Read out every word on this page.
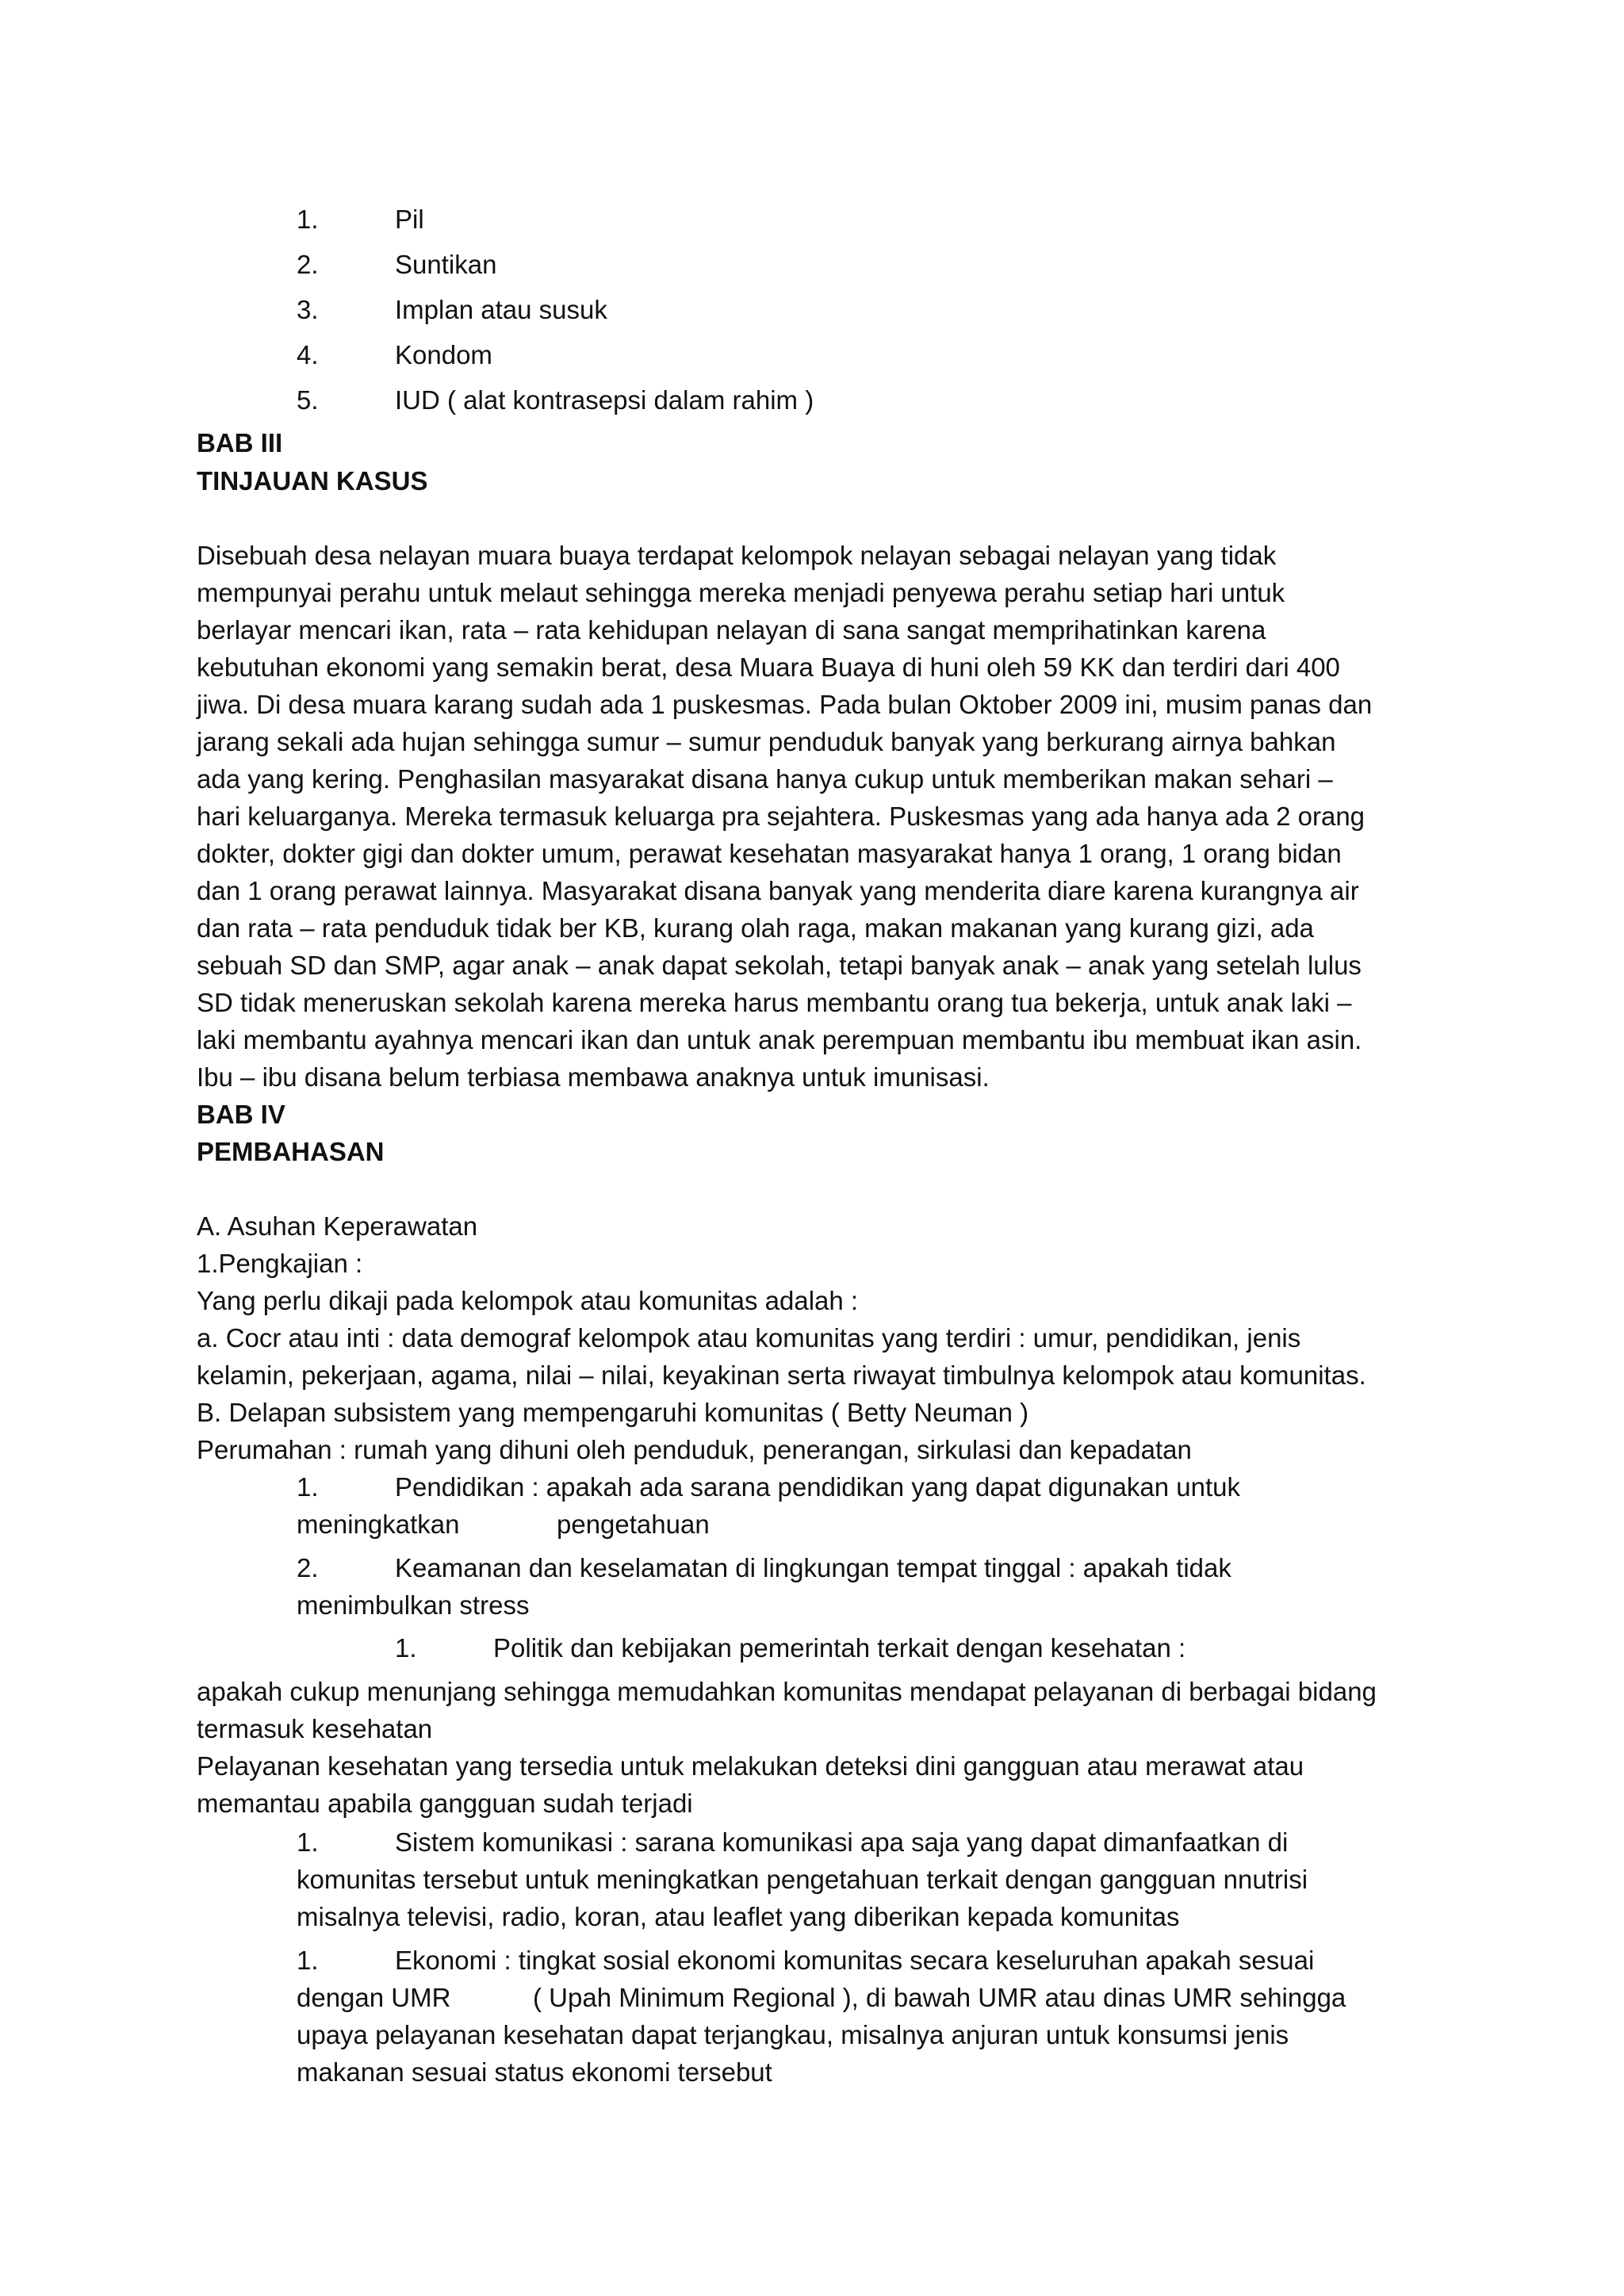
1.	Pil
2.	Suntikan
3.	Implan atau susuk
4.	Kondom
5.	IUD ( alat kontrasepsi dalam rahim )
BAB III
TINJAUAN KASUS
Disebuah desa nelayan muara buaya terdapat kelompok nelayan sebagai nelayan yang tidak
mempunyai perahu untuk melaut sehingga mereka menjadi penyewa perahu setiap hari untuk
berlayar mencari ikan, rata – rata kehidupan nelayan di sana sangat memprihatinkan karena
kebutuhan ekonomi yang semakin berat, desa Muara Buaya di huni oleh 59 KK dan terdiri dari 400
jiwa. Di desa muara karang sudah ada 1 puskesmas. Pada bulan Oktober 2009 ini, musim panas dan
jarang sekali ada hujan sehingga sumur – sumur penduduk banyak yang berkurang airnya bahkan
ada yang kering. Penghasilan masyarakat disana hanya cukup untuk memberikan makan sehari –
hari keluarganya. Mereka termasuk keluarga pra sejahtera. Puskesmas yang ada hanya ada 2 orang
dokter, dokter gigi dan dokter umum, perawat kesehatan masyarakat hanya 1 orang, 1 orang bidan
dan 1 orang perawat lainnya. Masyarakat disana banyak yang menderita diare karena kurangnya air
dan rata – rata penduduk tidak ber KB, kurang olah raga, makan makanan yang kurang gizi, ada
sebuah SD dan SMP, agar anak – anak dapat sekolah, tetapi banyak anak – anak yang setelah lulus
SD tidak meneruskan sekolah karena mereka harus membantu orang tua bekerja, untuk anak laki –
laki membantu ayahnya mencari ikan dan untuk anak perempuan membantu ibu membuat ikan asin.
Ibu – ibu disana belum terbiasa membawa anaknya untuk imunisasi.
BAB IV
PEMBAHASAN
A. Asuhan Keperawatan
1.Pengkajian :
Yang perlu dikaji pada kelompok atau komunitas adalah :
a. Cocr atau inti : data demograf kelompok atau komunitas yang terdiri : umur, pendidikan, jenis
kelamin, pekerjaan, agama, nilai – nilai, keyakinan serta riwayat timbulnya kelompok atau komunitas.
B. Delapan subsistem yang mempengaruhi komunitas ( Betty Neuman )
Perumahan : rumah yang dihuni oleh penduduk, penerangan, sirkulasi dan kepadatan
1.	Pendidikan : apakah ada sarana pendidikan yang dapat digunakan untuk
meningkatkan	pengetahuan
2.	Keamanan dan keselamatan di lingkungan tempat tinggal : apakah tidak
menimbulkan stress
1.	Politik dan kebijakan pemerintah terkait dengan kesehatan :
apakah cukup menunjang sehingga memudahkan komunitas mendapat pelayanan di berbagai bidang
termasuk kesehatan
Pelayanan kesehatan yang tersedia untuk melakukan deteksi dini gangguan atau merawat atau
memantau apabila gangguan sudah terjadi
1.	Sistem komunikasi : sarana komunikasi apa saja yang dapat dimanfaatkan di
komunitas tersebut untuk meningkatkan pengetahuan terkait dengan gangguan nnutrisi
misalnya televisi, radio, koran, atau leaflet yang diberikan kepada komunitas
1.	Ekonomi : tingkat sosial ekonomi komunitas secara keseluruhan apakah sesuai
dengan UMR	( Upah Minimum Regional ), di bawah UMR atau dinas UMR sehingga
upaya pelayanan kesehatan dapat terjangkau, misalnya anjuran untuk konsumsi jenis
makanan sesuai status ekonomi tersebut
